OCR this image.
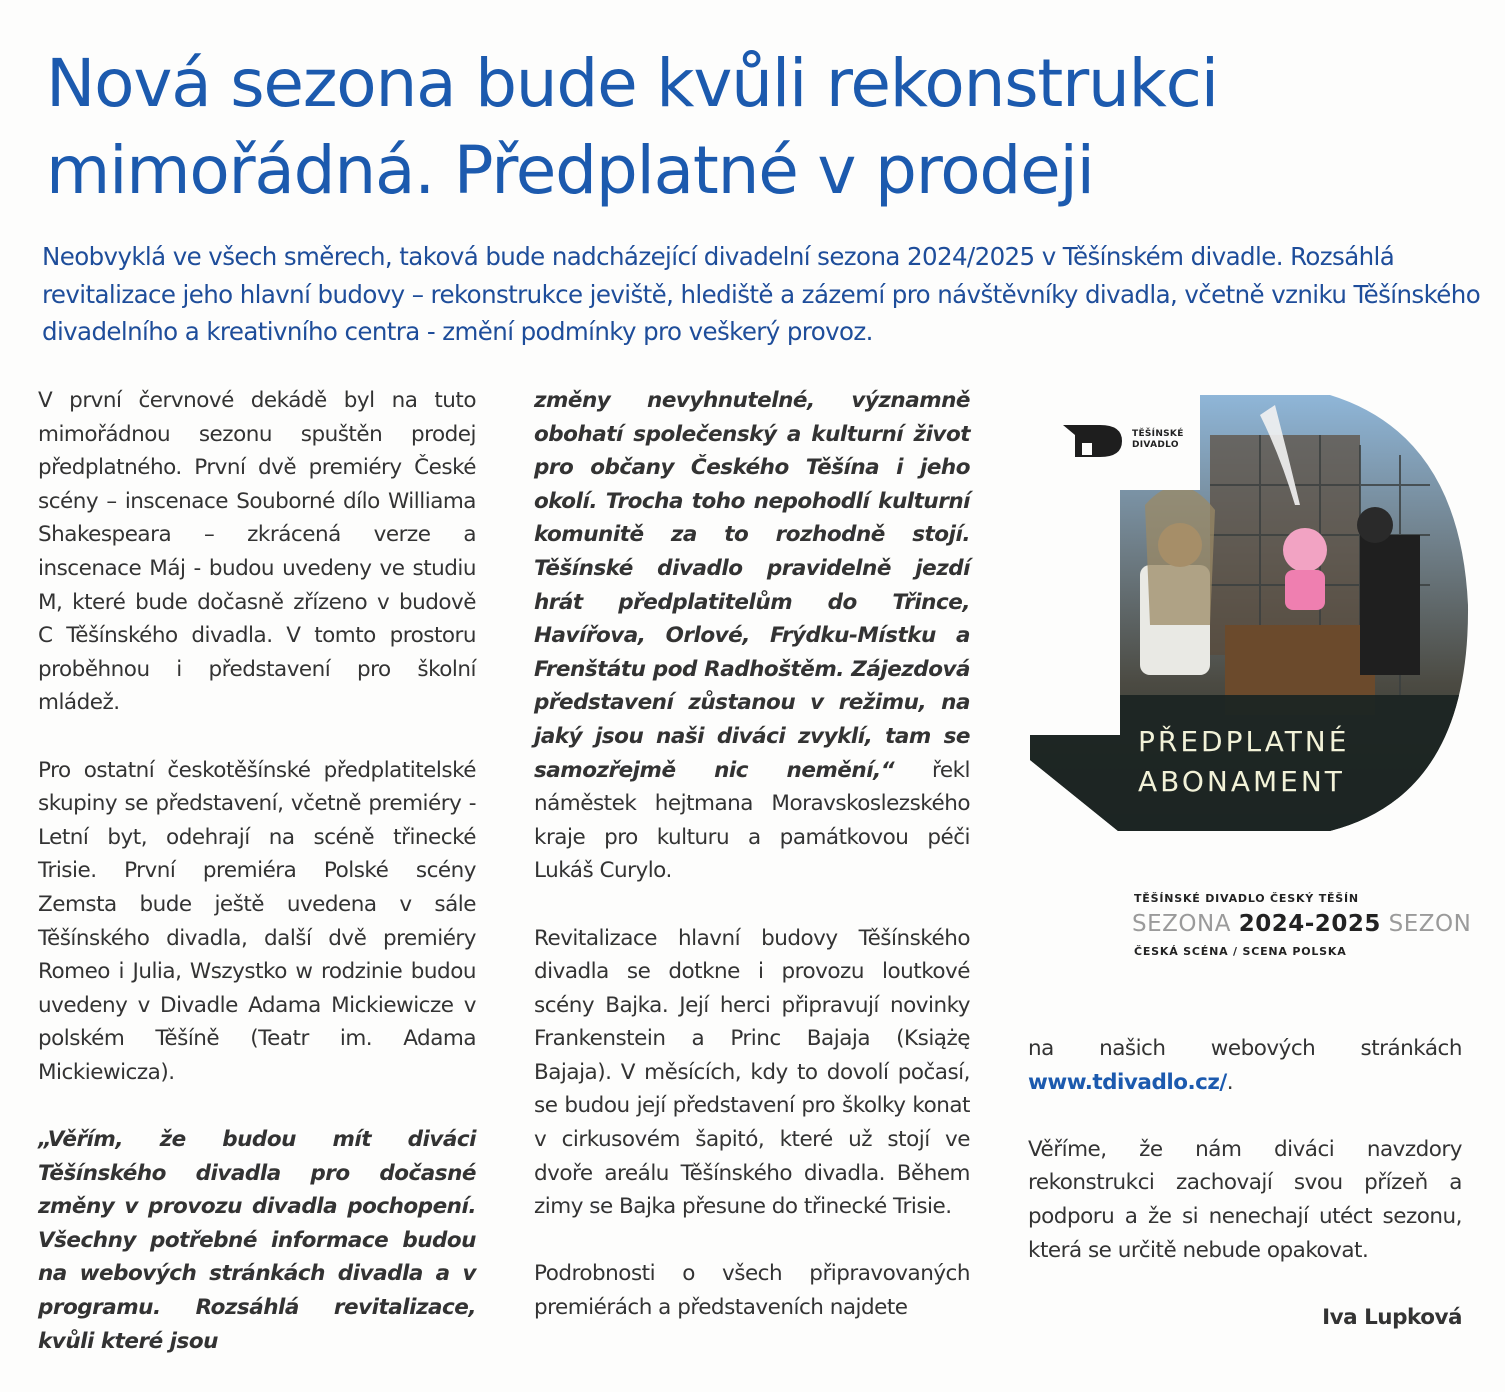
Nová sezona bude kvůli rekonstrukci
mimořádná. Předplatné v prodeji

Neobvyklá ve všech směrech, taková bude nadcházející divadelní sezona 2024/2025 v Těšínském divadle. Rozsáhlá revitalizace jeho hlavní budovy – rekonstrukce jeviště, hlediště a zázemí pro návštěvníky divadla, včetně vzniku Těšínského divadelního a kreativního centra - změní podmínky pro veškerý provoz.

V první červnové dekádě byl na tuto mimořádnou sezonu spuštěn prodej předplatného. První dvě premiéry České scény – inscenace Souborné dílo Williama Shakespeara – zkrácená verze a inscenace Máj - budou uvedeny ve studiu M, které bude dočasně zřízeno v budově C Těšínského divadla. V tomto prostoru proběhnou i představení pro školní mládež.

Pro ostatní českotěšínské předplatitelské skupiny se představení, včetně premiéry - Letní byt, odehrají na scéně třinecké Trisie. První premiéra Polské scény Zemsta bude ještě uvedena v sále Těšínského divadla, další dvě premiéry Romeo i Julia, Wszystko w rodzinie budou uvedeny v Divadle Adama Mickiewicze v polském Těšíně (Teatr im. Adama Mickiewicza).

„Věřím, že budou mít diváci Těšínského divadla pro dočasné změny v provozu divadla pochopení. Všechny potřebné informace budou na webových stránkách divadla a v programu. Rozsáhlá revitalizace, kvůli které jsou

změny nevyhnutelné, významně obohatí společenský a kulturní život pro občany Českého Těšína i jeho okolí. Trocha toho nepohodlí kulturní komunitě za to rozhodně stojí. Těšínské divadlo pravidelně jezdí hrát předplatitelům do Třince, Havířova, Orlové, Frýdku-Místku a Frenštátu pod Radhoštěm. Zájezdová představení zůstanou v režimu, na jaký jsou naši diváci zvyklí, tam se samozřejmě nic nemění,“ řekl náměstek hejtmana Moravskoslezského kraje pro kulturu a památkovou péči Lukáš Curylo.

Revitalizace hlavní budovy Těšínského divadla se dotkne i provozu loutkové scény Bajka. Její herci připravují novinky Frankenstein a Princ Bajaja (Książę Bajaja). V měsících, kdy to dovolí počasí, se budou její představení pro školky konat v cirkusovém šapitó, které už stojí ve dvoře areálu Těšínského divadla. Během zimy se Bajka přesune do třinecké Trisie.

Podrobnosti o všech připravovaných premiérách a představeních najdete

TĚŠÍNSKÉ
DIVADLO
PŘEDPLATNÉ
ABONAMENT
TĚŠÍNSKÉ DIVADLO ČESKÝ TĚŠÍN
SEZONA 2024-2025 SEZON
ČESKÁ SCÉNA / SCENA POLSKA

na našich webových stránkách www.tdivadlo.cz/.

Věříme, že nám diváci navzdory rekonstrukci zachovají svou přízeň a podporu a že si nenechají utéct sezonu, která se určitě nebude opakovat.

Iva Lupková
